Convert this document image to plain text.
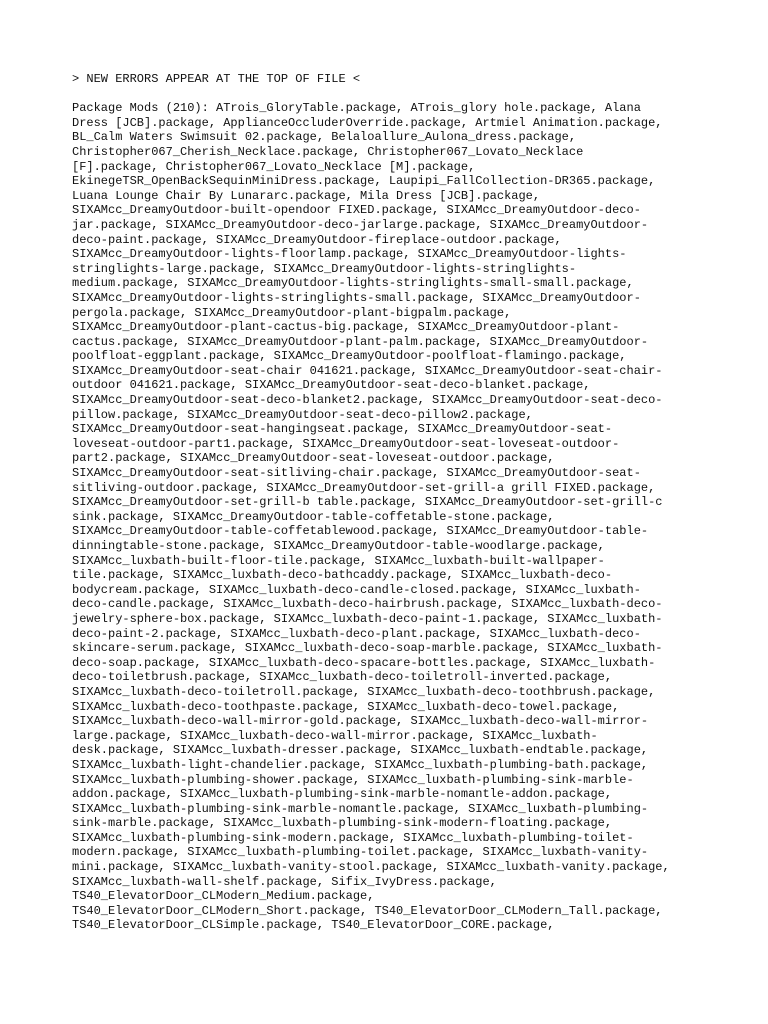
> NEW ERRORS APPEAR AT THE TOP OF FILE <
Package Mods (210): ATrois_GloryTable.package, ATrois_glory hole.package, Alana
Dress [JCB].package, ApplianceOccluderOverride.package, Artmiel Animation.package,
BL_Calm Waters Swimsuit 02.package, Belaloallure_Aulona_dress.package,
Christopher067_Cherish_Necklace.package, Christopher067_Lovato_Necklace
[F].package, Christopher067_Lovato_Necklace [M].package,
EkinegeTSR_OpenBackSequinMiniDress.package, Laupipi_FallCollection-DR365.package,
Luana Lounge Chair By Lunararc.package, Mila Dress [JCB].package,
SIXAMcc_DreamyOutdoor-built-opendoor FIXED.package, SIXAMcc_DreamyOutdoor-deco-
jar.package, SIXAMcc_DreamyOutdoor-deco-jarlarge.package, SIXAMcc_DreamyOutdoor-
deco-paint.package, SIXAMcc_DreamyOutdoor-fireplace-outdoor.package,
SIXAMcc_DreamyOutdoor-lights-floorlamp.package, SIXAMcc_DreamyOutdoor-lights-
stringlights-large.package, SIXAMcc_DreamyOutdoor-lights-stringlights-
medium.package, SIXAMcc_DreamyOutdoor-lights-stringlights-small-small.package,
SIXAMcc_DreamyOutdoor-lights-stringlights-small.package, SIXAMcc_DreamyOutdoor-
pergola.package, SIXAMcc_DreamyOutdoor-plant-bigpalm.package,
SIXAMcc_DreamyOutdoor-plant-cactus-big.package, SIXAMcc_DreamyOutdoor-plant-
cactus.package, SIXAMcc_DreamyOutdoor-plant-palm.package, SIXAMcc_DreamyOutdoor-
poolfloat-eggplant.package, SIXAMcc_DreamyOutdoor-poolfloat-flamingo.package,
SIXAMcc_DreamyOutdoor-seat-chair 041621.package, SIXAMcc_DreamyOutdoor-seat-chair-
outdoor 041621.package, SIXAMcc_DreamyOutdoor-seat-deco-blanket.package,
SIXAMcc_DreamyOutdoor-seat-deco-blanket2.package, SIXAMcc_DreamyOutdoor-seat-deco-
pillow.package, SIXAMcc_DreamyOutdoor-seat-deco-pillow2.package,
SIXAMcc_DreamyOutdoor-seat-hangingseat.package, SIXAMcc_DreamyOutdoor-seat-
loveseat-outdoor-part1.package, SIXAMcc_DreamyOutdoor-seat-loveseat-outdoor-
part2.package, SIXAMcc_DreamyOutdoor-seat-loveseat-outdoor.package,
SIXAMcc_DreamyOutdoor-seat-sitliving-chair.package, SIXAMcc_DreamyOutdoor-seat-
sitliving-outdoor.package, SIXAMcc_DreamyOutdoor-set-grill-a grill FIXED.package,
SIXAMcc_DreamyOutdoor-set-grill-b table.package, SIXAMcc_DreamyOutdoor-set-grill-c
sink.package, SIXAMcc_DreamyOutdoor-table-coffetable-stone.package,
SIXAMcc_DreamyOutdoor-table-coffetablewood.package, SIXAMcc_DreamyOutdoor-table-
dinningtable-stone.package, SIXAMcc_DreamyOutdoor-table-woodlarge.package,
SIXAMcc_luxbath-built-floor-tile.package, SIXAMcc_luxbath-built-wallpaper-
tile.package, SIXAMcc_luxbath-deco-bathcaddy.package, SIXAMcc_luxbath-deco-
bodycream.package, SIXAMcc_luxbath-deco-candle-closed.package, SIXAMcc_luxbath-
deco-candle.package, SIXAMcc_luxbath-deco-hairbrush.package, SIXAMcc_luxbath-deco-
jewelry-sphere-box.package, SIXAMcc_luxbath-deco-paint-1.package, SIXAMcc_luxbath-
deco-paint-2.package, SIXAMcc_luxbath-deco-plant.package, SIXAMcc_luxbath-deco-
skincare-serum.package, SIXAMcc_luxbath-deco-soap-marble.package, SIXAMcc_luxbath-
deco-soap.package, SIXAMcc_luxbath-deco-spacare-bottles.package, SIXAMcc_luxbath-
deco-toiletbrush.package, SIXAMcc_luxbath-deco-toiletroll-inverted.package,
SIXAMcc_luxbath-deco-toiletroll.package, SIXAMcc_luxbath-deco-toothbrush.package,
SIXAMcc_luxbath-deco-toothpaste.package, SIXAMcc_luxbath-deco-towel.package,
SIXAMcc_luxbath-deco-wall-mirror-gold.package, SIXAMcc_luxbath-deco-wall-mirror-
large.package, SIXAMcc_luxbath-deco-wall-mirror.package, SIXAMcc_luxbath-
desk.package, SIXAMcc_luxbath-dresser.package, SIXAMcc_luxbath-endtable.package,
SIXAMcc_luxbath-light-chandelier.package, SIXAMcc_luxbath-plumbing-bath.package,
SIXAMcc_luxbath-plumbing-shower.package, SIXAMcc_luxbath-plumbing-sink-marble-
addon.package, SIXAMcc_luxbath-plumbing-sink-marble-nomantle-addon.package,
SIXAMcc_luxbath-plumbing-sink-marble-nomantle.package, SIXAMcc_luxbath-plumbing-
sink-marble.package, SIXAMcc_luxbath-plumbing-sink-modern-floating.package,
SIXAMcc_luxbath-plumbing-sink-modern.package, SIXAMcc_luxbath-plumbing-toilet-
modern.package, SIXAMcc_luxbath-plumbing-toilet.package, SIXAMcc_luxbath-vanity-
mini.package, SIXAMcc_luxbath-vanity-stool.package, SIXAMcc_luxbath-vanity.package,
SIXAMcc_luxbath-wall-shelf.package, Sifix_IvyDress.package,
TS40_ElevatorDoor_CLModern_Medium.package,
TS40_ElevatorDoor_CLModern_Short.package, TS40_ElevatorDoor_CLModern_Tall.package,
TS40_ElevatorDoor_CLSimple.package, TS40_ElevatorDoor_CORE.package,
